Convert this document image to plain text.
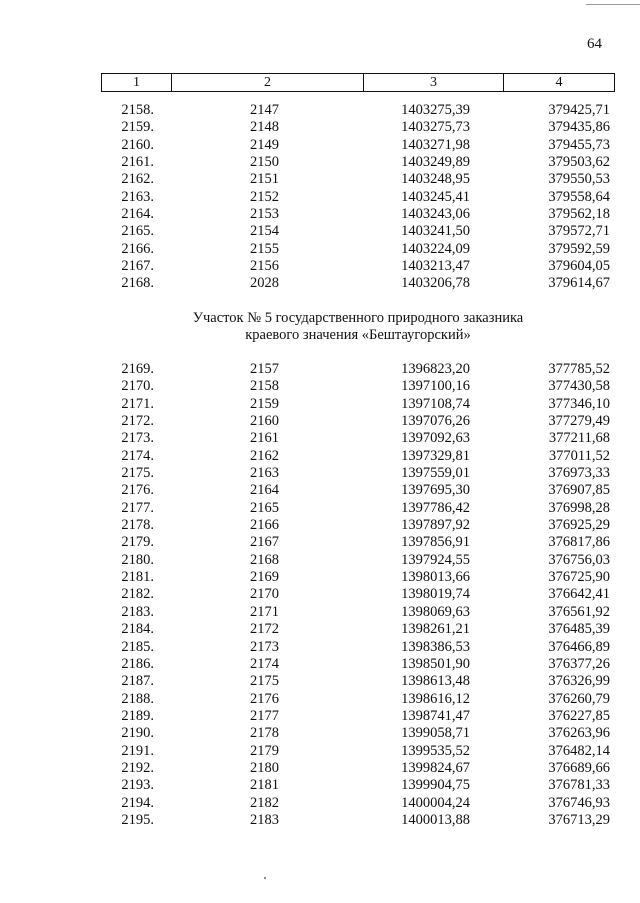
64
1	2	3	4
2158.	2147	1403275,39	379425,71
2159.	2148	1403275,73	379435,86
2160.	2149	1403271,98	379455,73
2161.	2150	1403249,89	379503,62
2162.	2151	1403248,95	379550,53
2163.	2152	1403245,41	379558,64
2164.	2153	1403243,06	379562,18
2165.	2154	1403241,50	379572,71
2166.	2155	1403224,09	379592,59
2167.	2156	1403213,47	379604,05
2168.	2028	1403206,78	379614,67
Участок № 5 государственного природного заказника
краевого значения «Бештаугорский»
2169.	2157	1396823,20	377785,52
2170.	2158	1397100,16	377430,58
2171.	2159	1397108,74	377346,10
2172.	2160	1397076,26	377279,49
2173.	2161	1397092,63	377211,68
2174.	2162	1397329,81	377011,52
2175.	2163	1397559,01	376973,33
2176.	2164	1397695,30	376907,85
2177.	2165	1397786,42	376998,28
2178.	2166	1397897,92	376925,29
2179.	2167	1397856,91	376817,86
2180.	2168	1397924,55	376756,03
2181.	2169	1398013,66	376725,90
2182.	2170	1398019,74	376642,41
2183.	2171	1398069,63	376561,92
2184.	2172	1398261,21	376485,39
2185.	2173	1398386,53	376466,89
2186.	2174	1398501,90	376377,26
2187.	2175	1398613,48	376326,99
2188.	2176	1398616,12	376260,79
2189.	2177	1398741,47	376227,85
2190.	2178	1399058,71	376263,96
2191.	2179	1399535,52	376482,14
2192.	2180	1399824,67	376689,66
2193.	2181	1399904,75	376781,33
2194.	2182	1400004,24	376746,93
2195.	2183	1400013,88	376713,29
